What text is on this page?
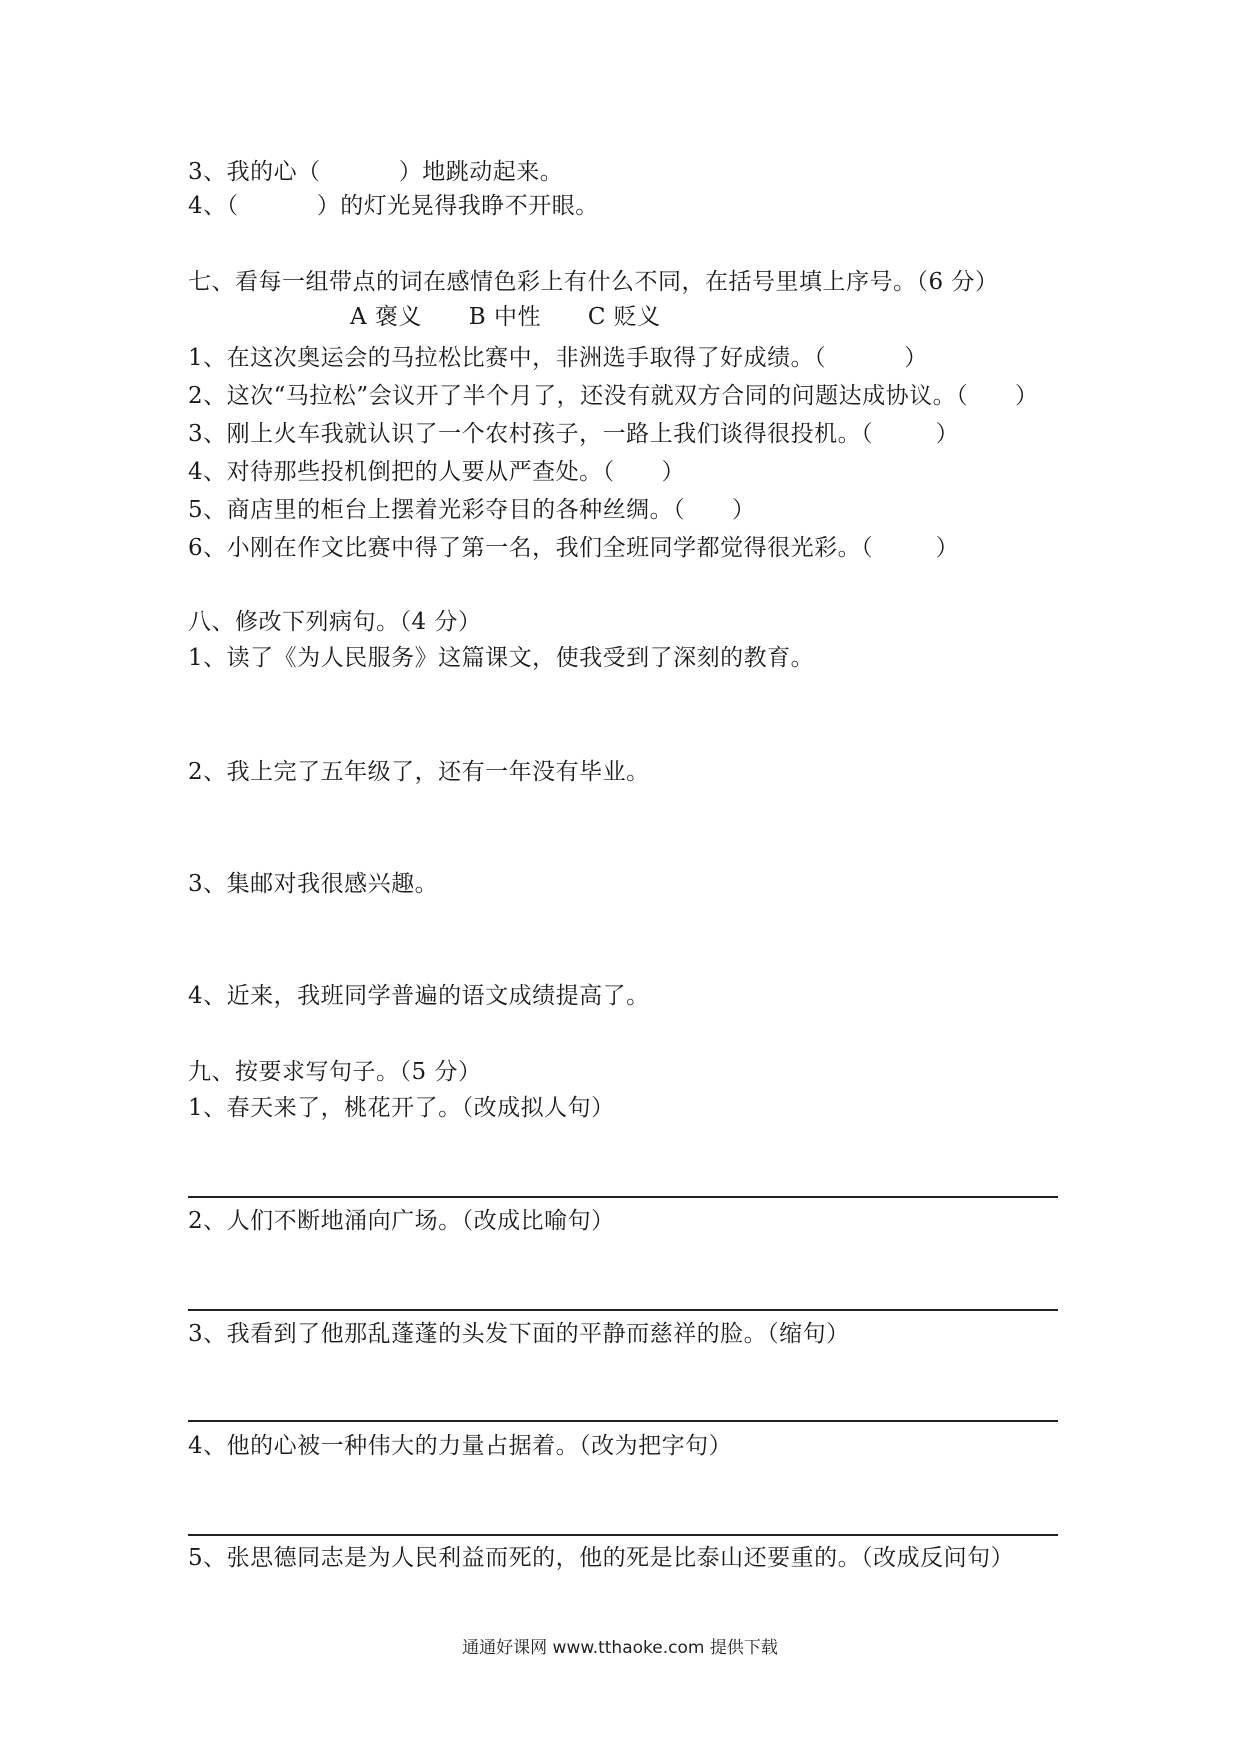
3、我的心（          ）地跳动起来。
4、（          ）的灯光晃得我睁不开眼。
七、看每一组带点的词在感情色彩上有什么不同，在括号里填上序号。（6 分）
A 褒义      B 中性      C 贬义
1、在这次奥运会的马拉松比赛中，非洲选手取得了好成绩。（          ）
2、这次“马拉松”会议开了半个月了，还没有就双方合同的问题达成协议。（      ）
3、刚上火车我就认识了一个农村孩子，一路上我们谈得很投机。（        ）
4、对待那些投机倒把的人要从严查处。（      ）
5、商店里的柜台上摆着光彩夺目的各种丝绸。（      ）
6、小刚在作文比赛中得了第一名，我们全班同学都觉得很光彩。（        ）
八、修改下列病句。（4 分）
1、读了《为人民服务》这篇课文，使我受到了深刻的教育。
2、我上完了五年级了，还有一年没有毕业。
3、集邮对我很感兴趣。
4、近来，我班同学普遍的语文成绩提高了。
九、按要求写句子。（5 分）
1、春天来了，桃花开了。（改成拟人句）
2、人们不断地涌向广场。（改成比喻句）
3、我看到了他那乱蓬蓬的头发下面的平静而慈祥的脸。（缩句）
4、他的心被一种伟大的力量占据着。（改为把字句）
5、张思德同志是为人民利益而死的，他的死是比泰山还要重的。（改成反问句）
通通好课网 www.tthaoke.com 提供下载
